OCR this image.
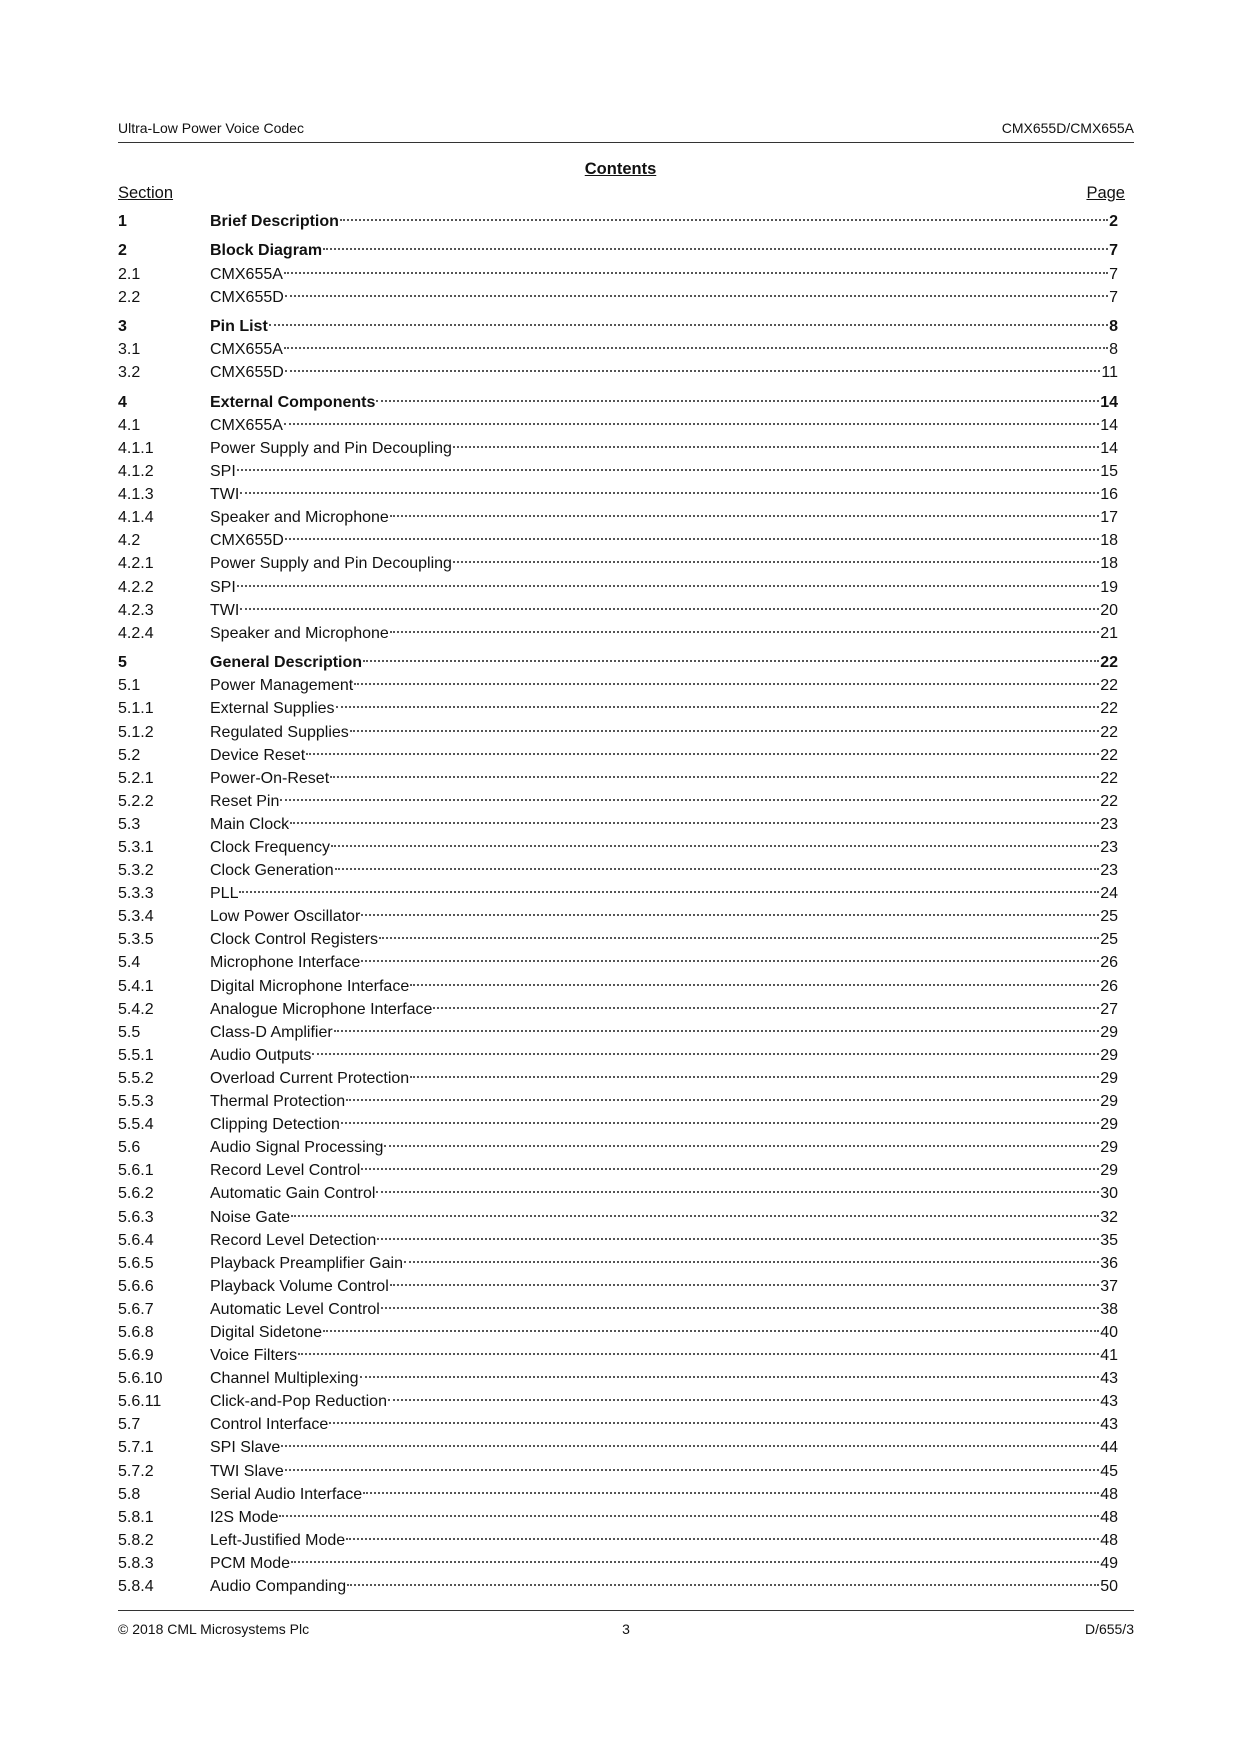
Ultra-Low Power Voice Codec	CMX655D/CMX655A
Contents
Section	Page
1	Brief Description	2
2	Block Diagram	7
2.1	CMX655A	7
2.2	CMX655D	7
3	Pin List	8
3.1	CMX655A	8
3.2	CMX655D	11
4	External Components	14
4.1	CMX655A	14
4.1.1	Power Supply and Pin Decoupling	14
4.1.2	SPI	15
4.1.3	TWI	16
4.1.4	Speaker and Microphone	17
4.2	CMX655D	18
4.2.1	Power Supply and Pin Decoupling	18
4.2.2	SPI	19
4.2.3	TWI	20
4.2.4	Speaker and Microphone	21
5	General Description	22
5.1	Power Management	22
5.1.1	External Supplies	22
5.1.2	Regulated Supplies	22
5.2	Device Reset	22
5.2.1	Power-On-Reset	22
5.2.2	Reset Pin	22
5.3	Main Clock	23
5.3.1	Clock Frequency	23
5.3.2	Clock Generation	23
5.3.3	PLL	24
5.3.4	Low Power Oscillator	25
5.3.5	Clock Control Registers	25
5.4	Microphone Interface	26
5.4.1	Digital Microphone Interface	26
5.4.2	Analogue Microphone Interface	27
5.5	Class-D Amplifier	29
5.5.1	Audio Outputs	29
5.5.2	Overload Current Protection	29
5.5.3	Thermal Protection	29
5.5.4	Clipping Detection	29
5.6	Audio Signal Processing	29
5.6.1	Record Level Control	29
5.6.2	Automatic Gain Control	30
5.6.3	Noise Gate	32
5.6.4	Record Level Detection	35
5.6.5	Playback Preamplifier Gain	36
5.6.6	Playback Volume Control	37
5.6.7	Automatic Level Control	38
5.6.8	Digital Sidetone	40
5.6.9	Voice Filters	41
5.6.10	Channel Multiplexing	43
5.6.11	Click-and-Pop Reduction	43
5.7	Control Interface	43
5.7.1	SPI Slave	44
5.7.2	TWI Slave	45
5.8	Serial Audio Interface	48
5.8.1	I2S Mode	48
5.8.2	Left-Justified Mode	48
5.8.3	PCM Mode	49
5.8.4	Audio Companding	50
© 2018 CML Microsystems Plc	3	D/655/3
